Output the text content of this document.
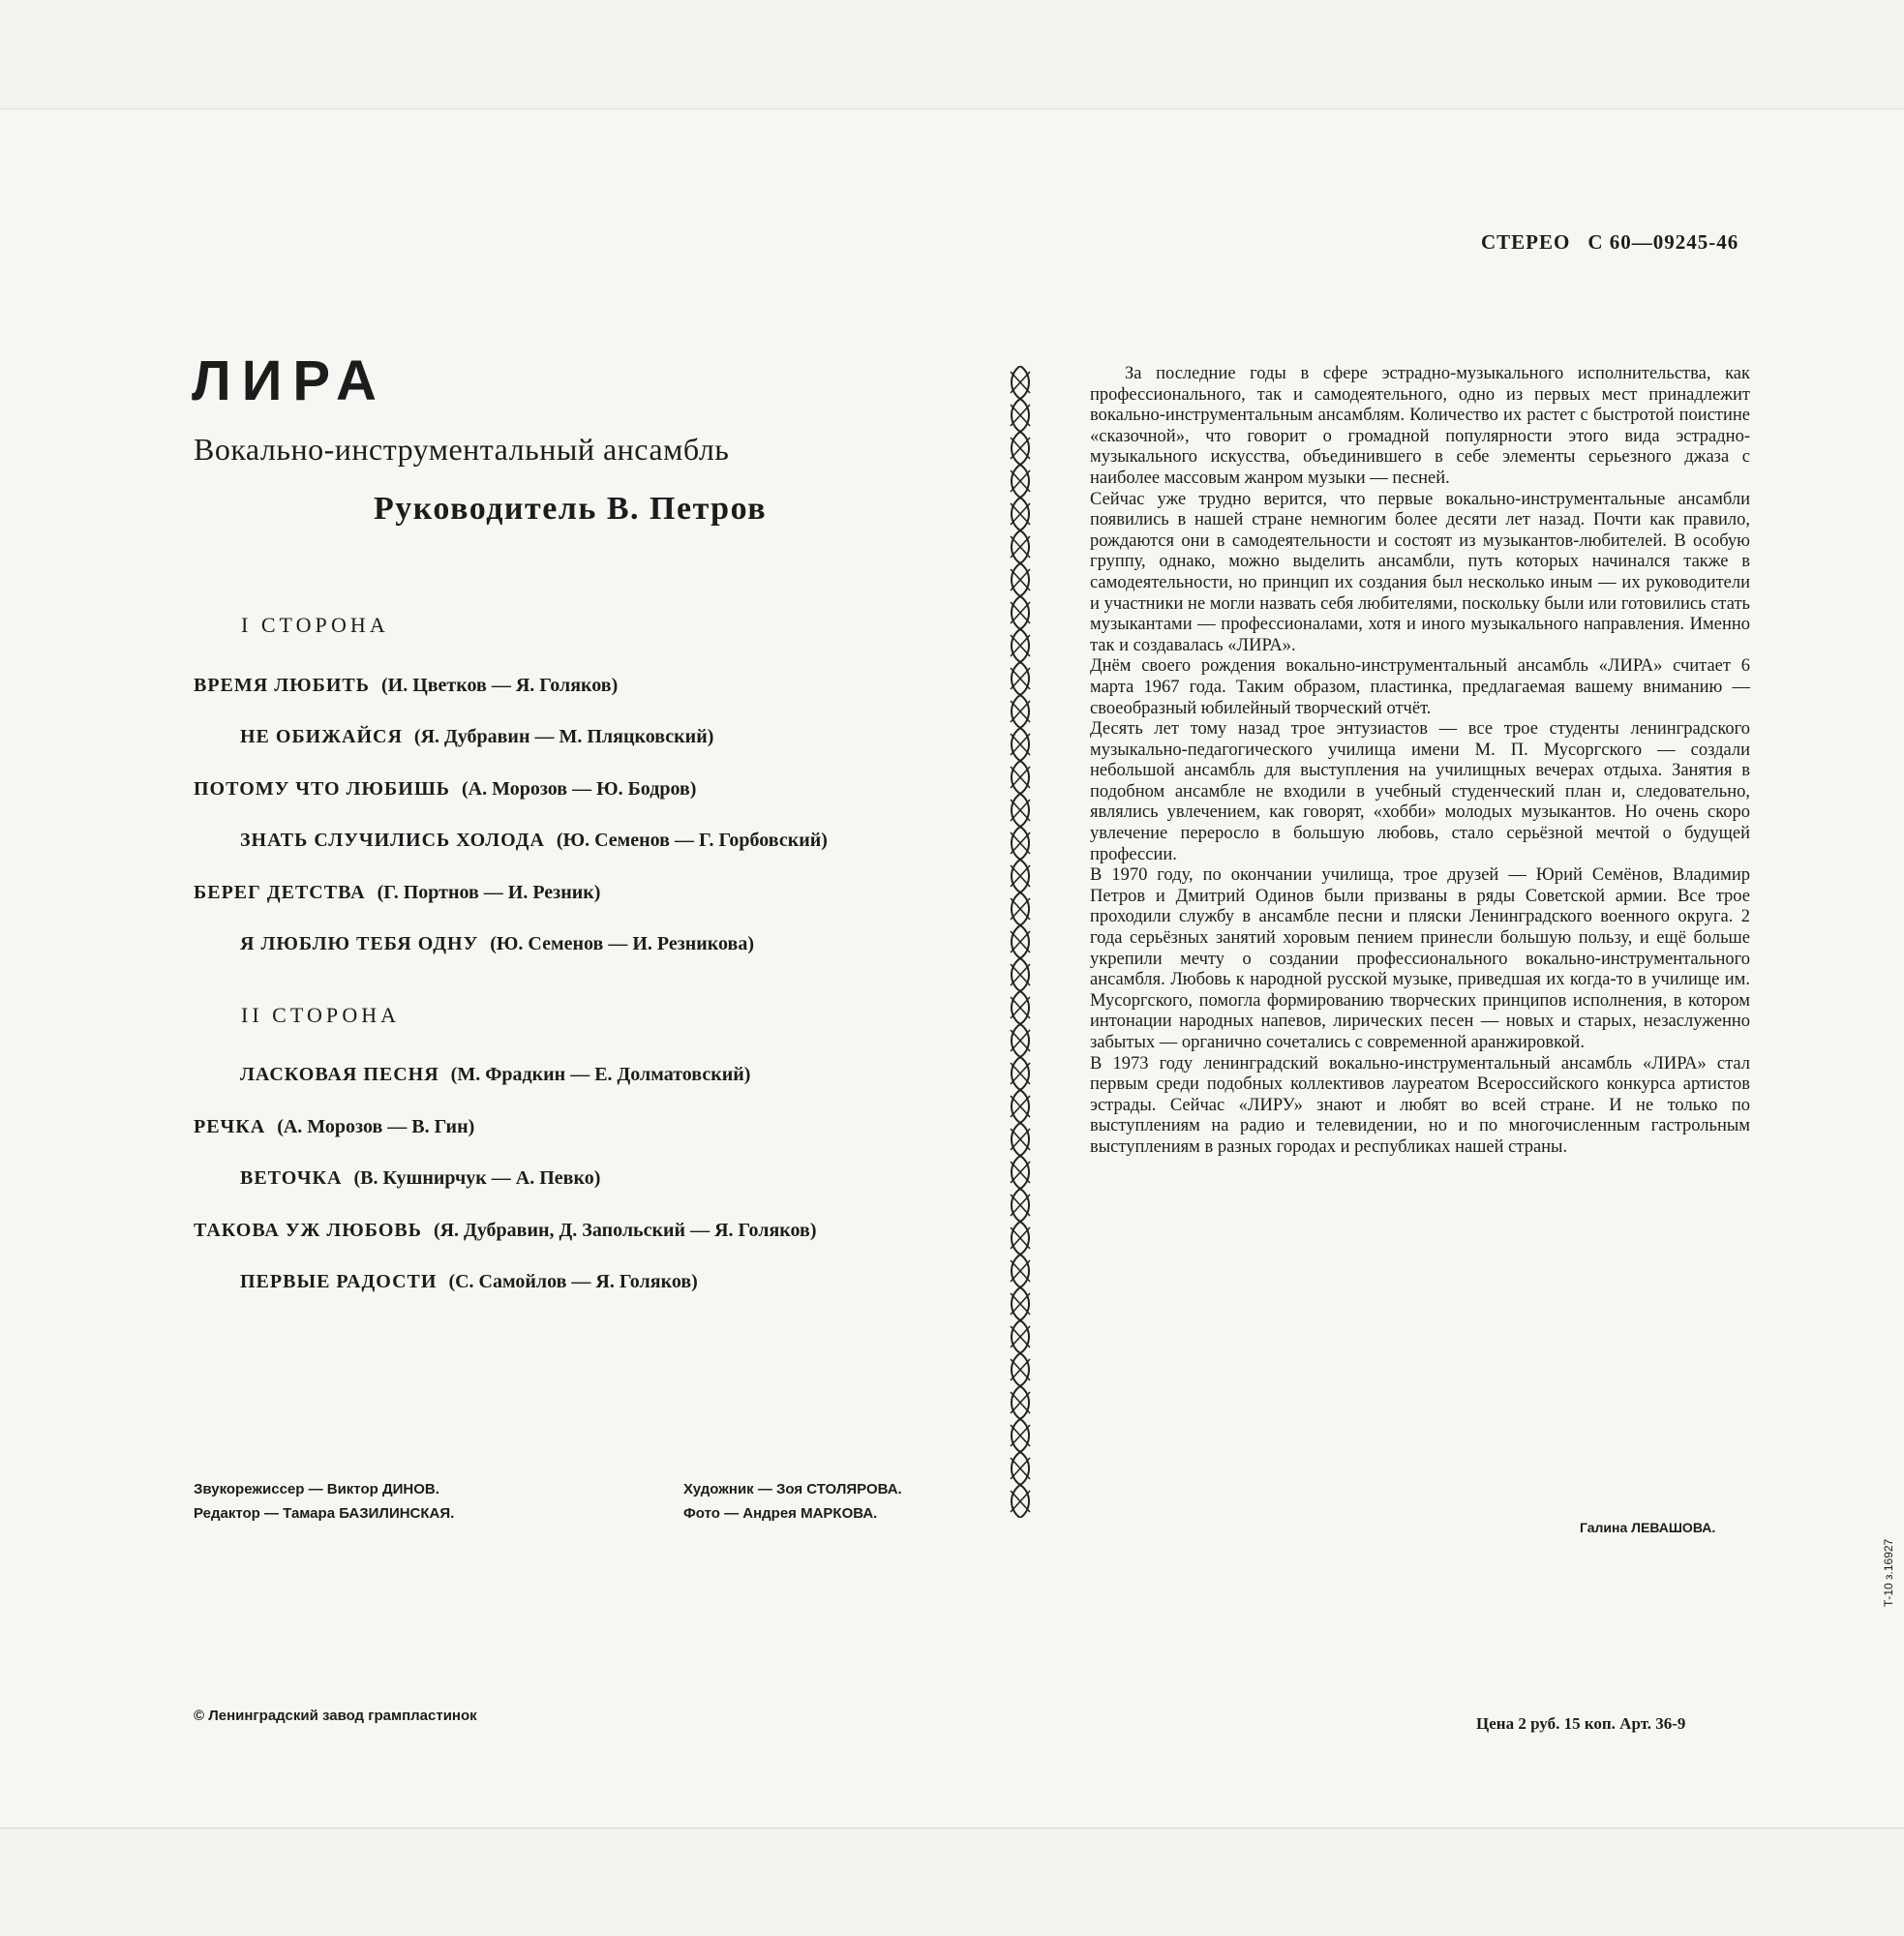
СТЕРЕО С 60—09245-46
ЛИРА
Вокально-инструментальный ансамбль
Руководитель В. Петров
I СТОРОНА
ВРЕМЯ ЛЮБИТЬ (И. Цветков — Я. Голяков)
НЕ ОБИЖАЙСЯ (Я. Дубравин — М. Пляцковский)
ПОТОМУ ЧТО ЛЮБИШЬ (А. Морозов — Ю. Бодров)
ЗНАТЬ СЛУЧИЛИСЬ ХОЛОДА (Ю. Семенов — Г. Горбовский)
БЕРЕГ ДЕТСТВА (Г. Портнов — И. Резник)
Я ЛЮБЛЮ ТЕБЯ ОДНУ (Ю. Семенов — И. Резникова)
II СТОРОНА
ЛАСКОВАЯ ПЕСНЯ (М. Фрадкин — Е. Долматовский)
РЕЧКА (А. Морозов — В. Гин)
ВЕТОЧКА (В. Кушнирчук — А. Певко)
ТАКОВА УЖ ЛЮБОВЬ (Я. Дубравин, Д. Запольский — Я. Голяков)
ПЕРВЫЕ РАДОСТИ (С. Самойлов — Я. Голяков)
Звукорежиссер — Виктор ДИНОВ.
Редактор — Тамара БАЗИЛИНСКАЯ.
Художник — Зоя СТОЛЯРОВА.
Фото — Андрея МАРКОВА.

За последние годы в сфере эстрадно-музыкального исполнительства, как профессионального, так и самодеятельного, одно из первых мест принадлежит вокально-инструментальным ансамблям. Количество их растет с быстротой поистине «сказочной», что говорит о громадной популярности этого вида эстрадно-музыкального искусства, объединившего в себе элементы серьезного джаза с наиболее массовым жанром музыки — песней.

Сейчас уже трудно верится, что первые вокально-инструментальные ансамбли появились в нашей стране немногим более десяти лет назад. Почти как правило, рождаются они в самодеятельности и состоят из музыкантов-любителей. В особую группу, однако, можно выделить ансамбли, путь которых начинался также в самодеятельности, но принцип их создания был несколько иным — их руководители и участники не могли назвать себя любителями, поскольку были или готовились стать музыкантами — профессионалами, хотя и иного музыкального направления. Именно так и создавалась «ЛИРА».

Днём своего рождения вокально-инструментальный ансамбль «ЛИРА» считает 6 марта 1967 года. Таким образом, пластинка, предлагаемая вашему вниманию — своеобразный юбилейный творческий отчёт.

Десять лет тому назад трое энтузиастов — все трое студенты ленинградского музыкально-педагогического училища имени М. П. Мусоргского — создали небольшой ансамбль для выступления на училищных вечерах отдыха. Занятия в подобном ансамбле не входили в учебный студенческий план и, следовательно, являлись увлечением, как говорят, «хобби» молодых музыкантов. Но очень скоро увлечение переросло в большую любовь, стало серьёзной мечтой о будущей профессии.

В 1970 году, по окончании училища, трое друзей — Юрий Семёнов, Владимир Петров и Дмитрий Одинов были призваны в ряды Советской армии. Все трое проходили службу в ансамбле песни и пляски Ленинградского военного округа. 2 года серьёзных занятий хоровым пением принесли большую пользу, и ещё больше укрепили мечту о создании профессионального вокально-инструментального ансамбля. Любовь к народной русской музыке, приведшая их когда-то в училище им. Мусоргского, помогла формированию творческих принципов исполнения, в котором интонации народных напевов, лирических песен — новых и старых, незаслуженно забытых — органично сочетались с современной аранжировкой.

В 1973 году ленинградский вокально-инструментальный ансамбль «ЛИРА» стал первым среди подобных коллективов лауреатом Всероссийского конкурса артистов эстрады. Сейчас «ЛИРУ» знают и любят во всей стране. И не только по выступлениям на радио и телевидении, но и по многочисленным гастрольным выступлениям в разных городах и республиках нашей страны.

Галина ЛЕВАШОВА.
© Ленинградский завод грампластинок	Цена 2 руб. 15 коп. Арт. 36-9
Т-10 з.16927
